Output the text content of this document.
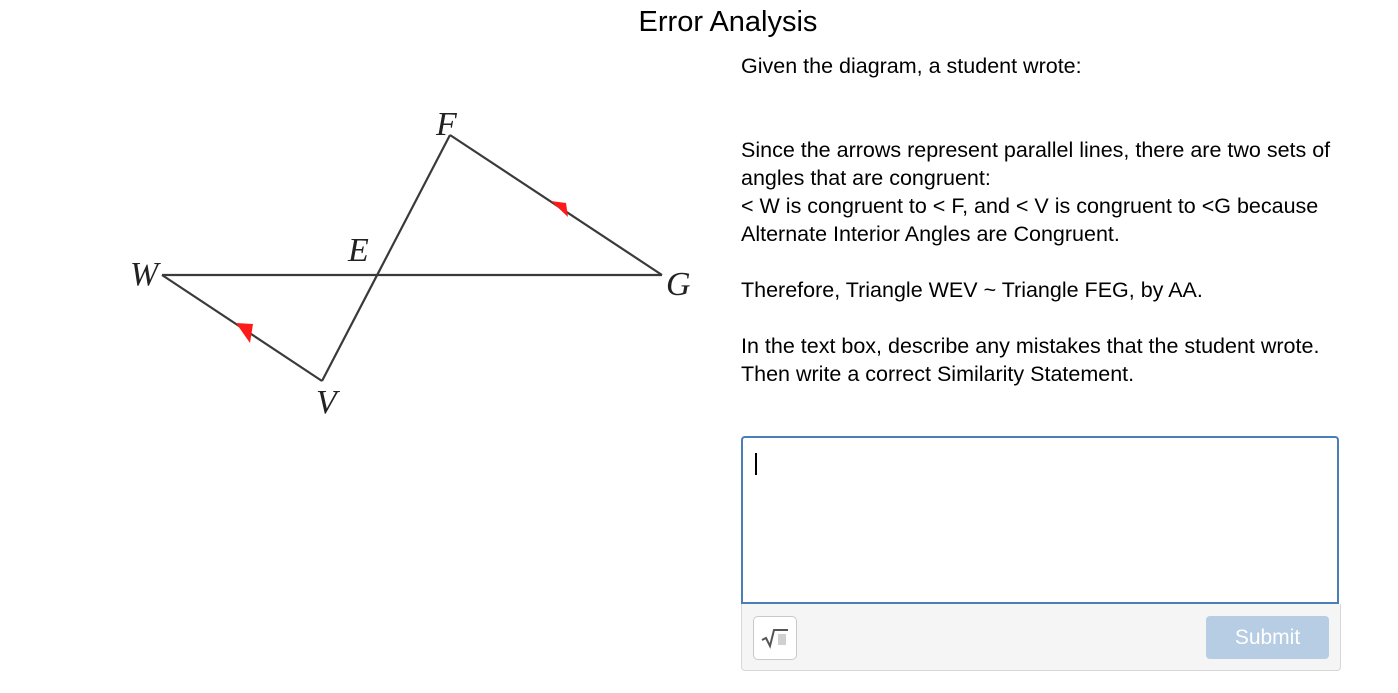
Error Analysis
W
E
F
G
V

Given the diagram, a student wrote:

Since the arrows represent parallel lines, there are two sets of angles that are congruent:

< W is congruent to < F, and < V is congruent to <G because Alternate Interior Angles are Congruent.

Therefore, Triangle WEV ~ Triangle FEG, by AA.

In the text box, describe any mistakes that the student wrote. Then write a correct Similarity Statement.

Submit
